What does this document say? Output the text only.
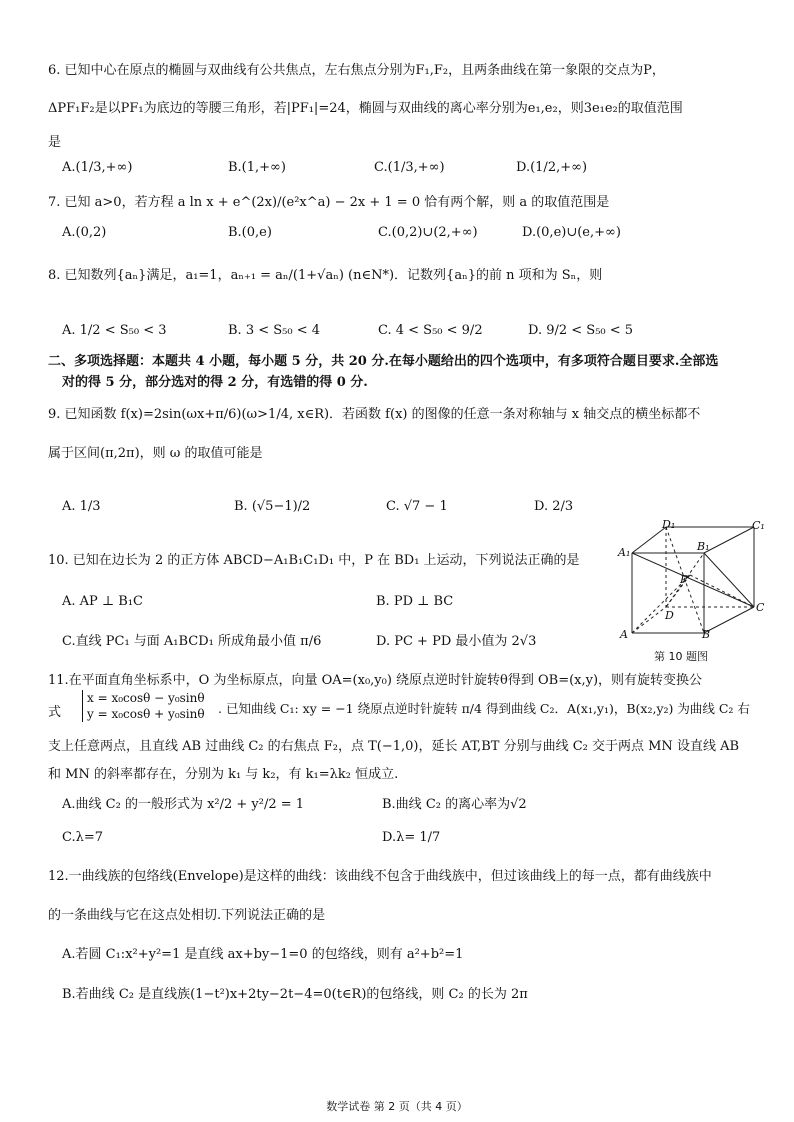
6. 已知中心在原点的椭圆与双曲线有公共焦点，左右焦点分别为F₁,F₂，且两条曲线在第一象限的交点为P，
ΔPF₁F₂是以PF₁为底边的等腰三角形，若|PF₁|=24，椭圆与双曲线的离心率分别为e₁,e₂，则3e₁e₂的取值范围
是
A.(1/3,+∞)	B.(1,+∞)	C.(1/3,+∞)	D.(1/2,+∞)
7. 已知 a>0，若方程 a ln x + e^(2x)/(e²x^a) − 2x + 1 = 0 恰有两个解，则 a 的取值范围是
A.(0,2)	B.(0,e)	C.(0,2)∪(2,+∞)	D.(0,e)∪(e,+∞)
8. 已知数列{aₙ}满足，a₁=1，aₙ₊₁ = aₙ/(1+√aₙ) (n∈N*)．记数列{aₙ}的前 n 项和为 Sₙ，则
A. 1/2 < S₅₀ < 3	B. 3 < S₅₀ < 4	C. 4 < S₅₀ < 9/2	D. 9/2 < S₅₀ < 5
二、多项选择题：本题共 4 小题，每小题 5 分，共 20 分.在每小题给出的四个选项中，有多项符合题目要求.全部选
对的得 5 分，部分选对的得 2 分，有选错的得 0 分.
9. 已知函数 f(x)=2sin(ωx+π/6)(ω>1/4, x∈R)．若函数 f(x) 的图像的任意一条对称轴与 x 轴交点的横坐标都不
属于区间(π,2π)，则 ω 的取值可能是
A. 1/3	B. (√5−1)/2	C. √7 − 1	D. 2/3
10. 已知在边长为 2 的正方体 ABCD−A₁B₁C₁D₁ 中，P 在 BD₁ 上运动，下列说法正确的是
A. AP ⊥ B₁C	B. PD ⊥ BC
C.直线 PC₁ 与面 A₁BCD₁ 所成角最小值 π/6	D. PC + PD 最小值为 2√3
D₁	C₁
A₁	B₁
P
D
C
A	B
第 10 题图
11.在平面直角坐标系中，O 为坐标原点，向量 OA=(x₀,y₀) 绕原点逆时针旋转θ得到 OB=(x,y)，则有旋转变换公
式
x = x₀cosθ − y₀sinθ
y = x₀cosθ + y₀sinθ . 已知曲线 C₁: xy = −1 绕原点逆时针旋转 π/4 得到曲线 C₂．A(x₁,y₁)，B(x₂,y₂) 为曲线 C₂ 右
支上任意两点，且直线 AB 过曲线 C₂ 的右焦点 F₂，点 T(−1,0)，延长 AT,BT 分别与曲线 C₂ 交于两点 MN 设直线 AB
和 MN 的斜率都存在，分别为 k₁ 与 k₂，有 k₁=λk₂ 恒成立.
A.曲线 C₂ 的一般形式为 x²/2 + y²/2 = 1	B.曲线 C₂ 的离心率为√2
C.λ=7	D.λ= 1/7
12.一曲线族的包络线(Envelope)是这样的曲线：该曲线不包含于曲线族中，但过该曲线上的每一点，都有曲线族中
的一条曲线与它在这点处相切.下列说法正确的是
A.若圆 C₁:x²+y²=1 是直线 ax+by−1=0 的包络线，则有 a²+b²=1
B.若曲线 C₂ 是直线族(1−t²)x+2ty−2t−4=0(t∈R)的包络线，则 C₂ 的长为 2π
数学试卷 第 2 页（共 4 页）
